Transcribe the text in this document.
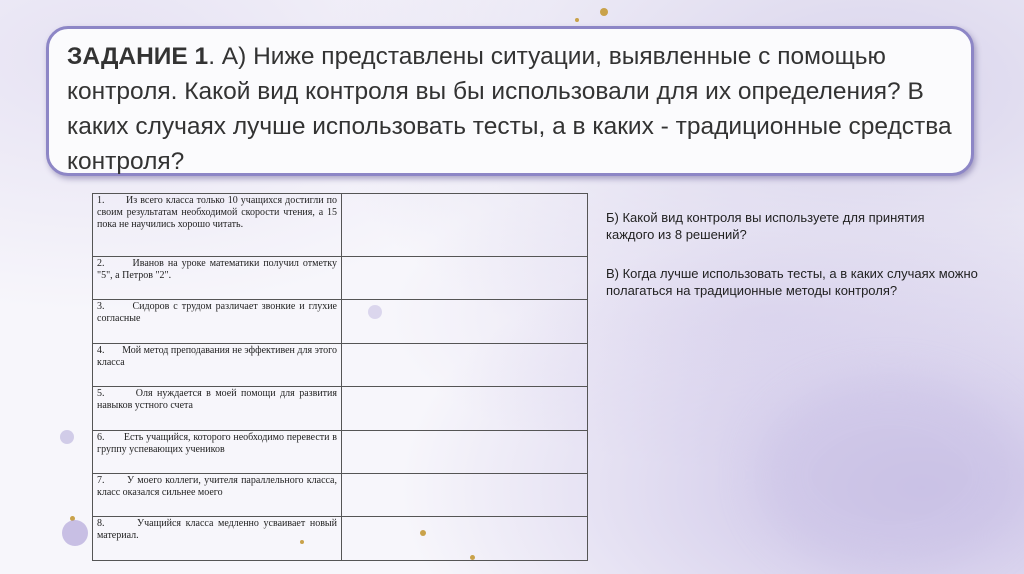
ЗАДАНИЕ 1. А) Ниже представлены ситуации, выявленные с помощью контроля. Какой вид контроля вы бы использовали для их определения? В каких случаях лучше использовать тесты, а в каких - традиционные средства контроля?
1.       Из всего класса только 10 учащихся достигли по своим результатам необходимой скорости чтения, а 15 пока не научились хорошо читать.	
2.       Иванов на уроке математики получил отметку "5", а Петров "2".	
3.       Сидоров с трудом различает звонкие и глухие согласные	
4.       Мой метод преподавания не эффективен для этого класса	
5.       Оля нуждается в моей помощи для развития навыков устного счета	
6.       Есть учащийся, которого необходимо перевести в группу успевающих учеников	
7.       У моего коллеги, учителя параллельного класса, класс оказался сильнее моего	
8.       Учащийся класса медленно усваивает новый материал.	
Б) Какой вид контроля вы используете для принятия каждого из 8 решений?
В) Когда лучше использовать тесты, а в каких случаях можно полагаться на традиционные методы контроля?
